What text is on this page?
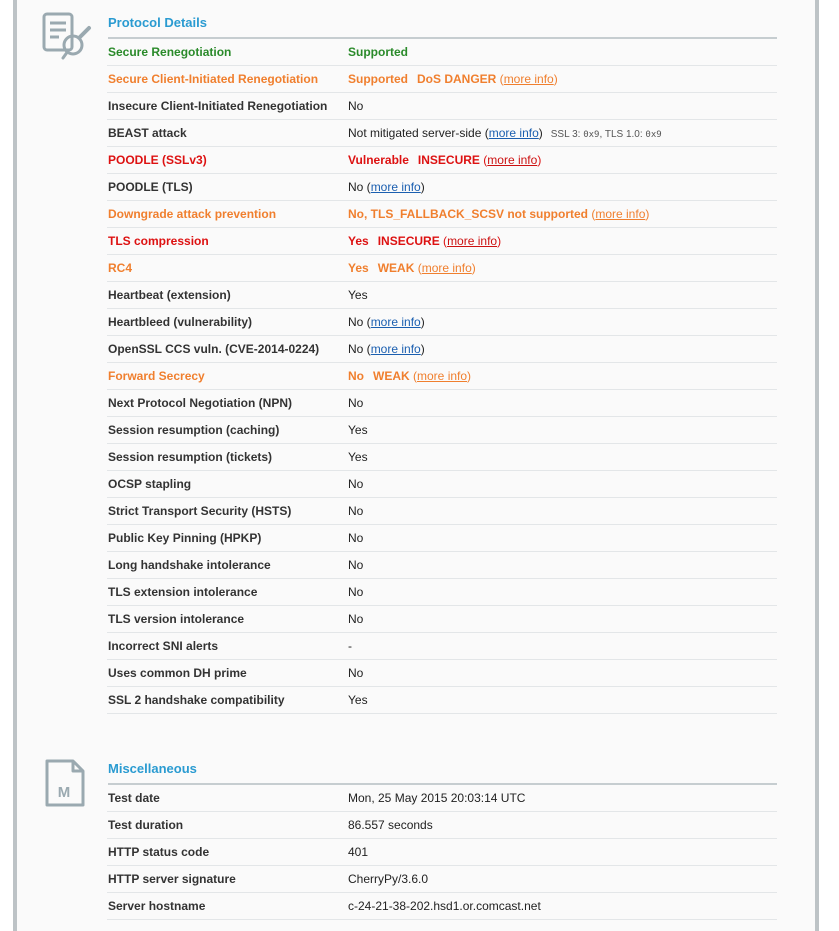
Protocol Details
Secure Renegotiation	Supported
Secure Client-Initiated Renegotiation	Supported DoS DANGER (more info)
Insecure Client-Initiated Renegotiation	No
BEAST attack	Not mitigated server-side (more info) SSL 3: 0x9, TLS 1.0: 0x9
POODLE (SSLv3)	Vulnerable INSECURE (more info)
POODLE (TLS)	No (more info)
Downgrade attack prevention	No, TLS_FALLBACK_SCSV not supported (more info)
TLS compression	Yes INSECURE (more info)
RC4	Yes WEAK (more info)
Heartbeat (extension)	Yes
Heartbleed (vulnerability)	No (more info)
OpenSSL CCS vuln. (CVE-2014-0224)	No (more info)
Forward Secrecy	No WEAK (more info)
Next Protocol Negotiation (NPN)	No
Session resumption (caching)	Yes
Session resumption (tickets)	Yes
OCSP stapling	No
Strict Transport Security (HSTS)	No
Public Key Pinning (HPKP)	No
Long handshake intolerance	No
TLS extension intolerance	No
TLS version intolerance	No
Incorrect SNI alerts	-
Uses common DH prime	No
SSL 2 handshake compatibility	Yes
M
Miscellaneous
Test date	Mon, 25 May 2015 20:03:14 UTC
Test duration	86.557 seconds
HTTP status code	401
HTTP server signature	CherryPy/3.6.0
Server hostname	c-24-21-38-202.hsd1.or.comcast.net
